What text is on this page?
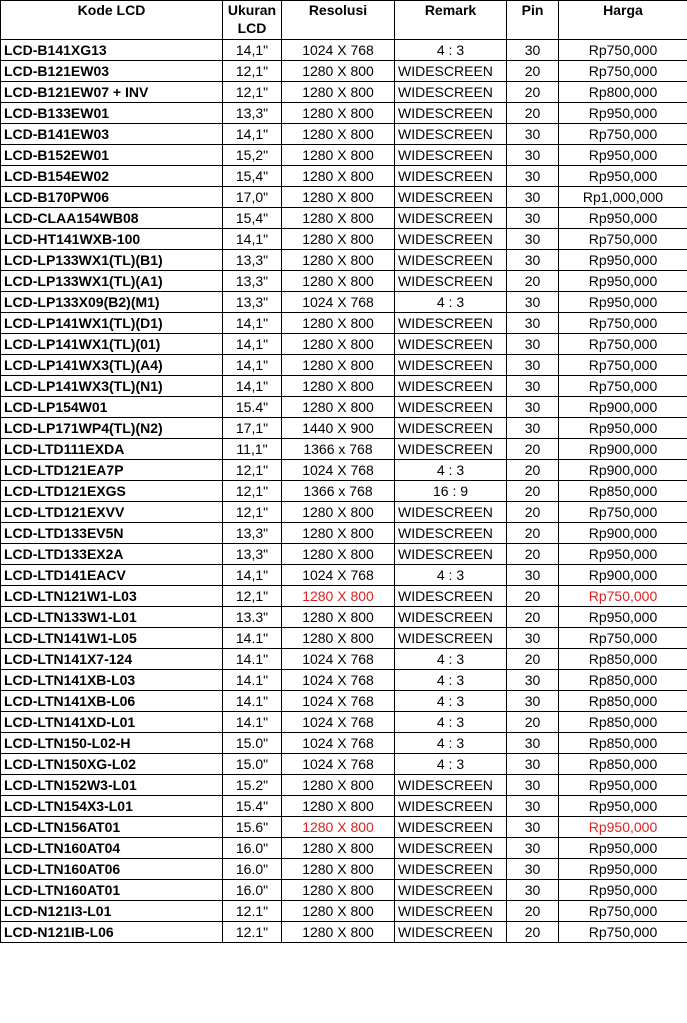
Kode LCD	Ukuran LCD	Resolusi	Remark	Pin	Harga
LCD-B141XG13	14,1"	1024 X 768	4 : 3	30	Rp750,000
LCD-B121EW03	12,1"	1280 X 800	WIDESCREEN	20	Rp750,000
LCD-B121EW07 + INV	12,1"	1280 X 800	WIDESCREEN	20	Rp800,000
LCD-B133EW01	13,3"	1280 X 800	WIDESCREEN	20	Rp950,000
LCD-B141EW03	14,1"	1280 X 800	WIDESCREEN	30	Rp750,000
LCD-B152EW01	15,2"	1280 X 800	WIDESCREEN	30	Rp950,000
LCD-B154EW02	15,4"	1280 X 800	WIDESCREEN	30	Rp950,000
LCD-B170PW06	17,0"	1280 X 800	WIDESCREEN	30	Rp1,000,000
LCD-CLAA154WB08	15,4"	1280 X 800	WIDESCREEN	30	Rp950,000
LCD-HT141WXB-100	14,1"	1280 X 800	WIDESCREEN	30	Rp750,000
LCD-LP133WX1(TL)(B1)	13,3"	1280 X 800	WIDESCREEN	30	Rp950,000
LCD-LP133WX1(TL)(A1)	13,3"	1280 X 800	WIDESCREEN	20	Rp950,000
LCD-LP133X09(B2)(M1)	13,3"	1024 X 768	4 : 3	30	Rp950,000
LCD-LP141WX1(TL)(D1)	14,1"	1280 X 800	WIDESCREEN	30	Rp750,000
LCD-LP141WX1(TL)(01)	14,1"	1280 X 800	WIDESCREEN	30	Rp750,000
LCD-LP141WX3(TL)(A4)	14,1"	1280 X 800	WIDESCREEN	30	Rp750,000
LCD-LP141WX3(TL)(N1)	14,1"	1280 X 800	WIDESCREEN	30	Rp750,000
LCD-LP154W01	15.4"	1280 X 800	WIDESCREEN	30	Rp900,000
LCD-LP171WP4(TL)(N2)	17,1"	1440 X 900	WIDESCREEN	30	Rp950,000
LCD-LTD111EXDA	11,1"	1366 x 768	WIDESCREEN	20	Rp900,000
LCD-LTD121EA7P	12,1"	1024 X 768	4 : 3	20	Rp900,000
LCD-LTD121EXGS	12,1"	1366 x 768	16 : 9	20	Rp850,000
LCD-LTD121EXVV	12,1"	1280 X 800	WIDESCREEN	20	Rp750,000
LCD-LTD133EV5N	13,3"	1280 X 800	WIDESCREEN	20	Rp900,000
LCD-LTD133EX2A	13,3"	1280 X 800	WIDESCREEN	20	Rp950,000
LCD-LTD141EACV	14,1"	1024 X 768	4 : 3	30	Rp900,000
LCD-LTN121W1-L03	12,1"	1280 X 800	WIDESCREEN	20	Rp750,000
LCD-LTN133W1-L01	13.3"	1280 X 800	WIDESCREEN	20	Rp950,000
LCD-LTN141W1-L05	14.1"	1280 X 800	WIDESCREEN	30	Rp750,000
LCD-LTN141X7-124	14.1"	1024 X 768	4 : 3	20	Rp850,000
LCD-LTN141XB-L03	14.1"	1024 X 768	4 : 3	30	Rp850,000
LCD-LTN141XB-L06	14.1"	1024 X 768	4 : 3	30	Rp850,000
LCD-LTN141XD-L01	14.1"	1024 X 768	4 : 3	20	Rp850,000
LCD-LTN150-L02-H	15.0"	1024 X 768	4 : 3	30	Rp850,000
LCD-LTN150XG-L02	15.0"	1024 X 768	4 : 3	30	Rp850,000
LCD-LTN152W3-L01	15.2"	1280 X 800	WIDESCREEN	30	Rp950,000
LCD-LTN154X3-L01	15.4"	1280 X 800	WIDESCREEN	30	Rp950,000
LCD-LTN156AT01	15.6"	1280 X 800	WIDESCREEN	30	Rp950,000
LCD-LTN160AT04	16.0"	1280 X 800	WIDESCREEN	30	Rp950,000
LCD-LTN160AT06	16.0"	1280 X 800	WIDESCREEN	30	Rp950,000
LCD-LTN160AT01	16.0"	1280 X 800	WIDESCREEN	30	Rp950,000
LCD-N121I3-L01	12.1"	1280 X 800	WIDESCREEN	20	Rp750,000
LCD-N121IB-L06	12.1"	1280 X 800	WIDESCREEN	20	Rp750,000
